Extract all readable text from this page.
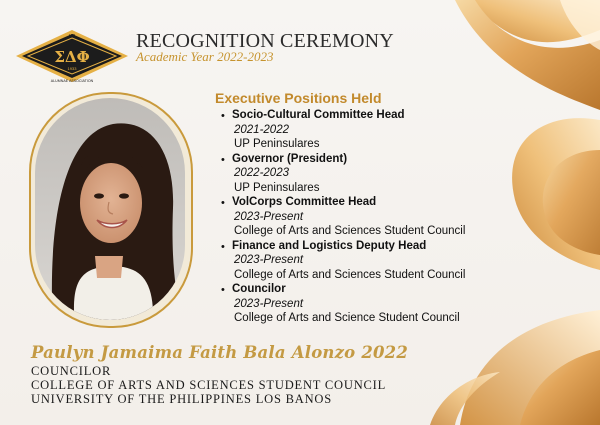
UP
ΣΔΦ
1933
ALUMNAE ASSOCIATION
RECOGNITION CEREMONY
Academic Year 2022-2023
Executive Positions Held
• Socio-Cultural Committee Head
2021-2022
UP Peninsulares
• Governor (President)
2022-2023
UP Peninsulares
• VolCorps Committee Head
2023-Present
College of Arts and Sciences Student Council
• Finance and Logistics Deputy Head
2023-Present
College of Arts and Sciences Student Council
• Councilor
2023-Present
College of Arts and Science Student Council
Paulyn Jamaima Faith Bala Alonzo 2022
COUNCILOR
COLLEGE OF ARTS AND SCIENCES STUDENT COUNCIL
UNIVERSITY OF THE PHILIPPINES LOS BANOS
